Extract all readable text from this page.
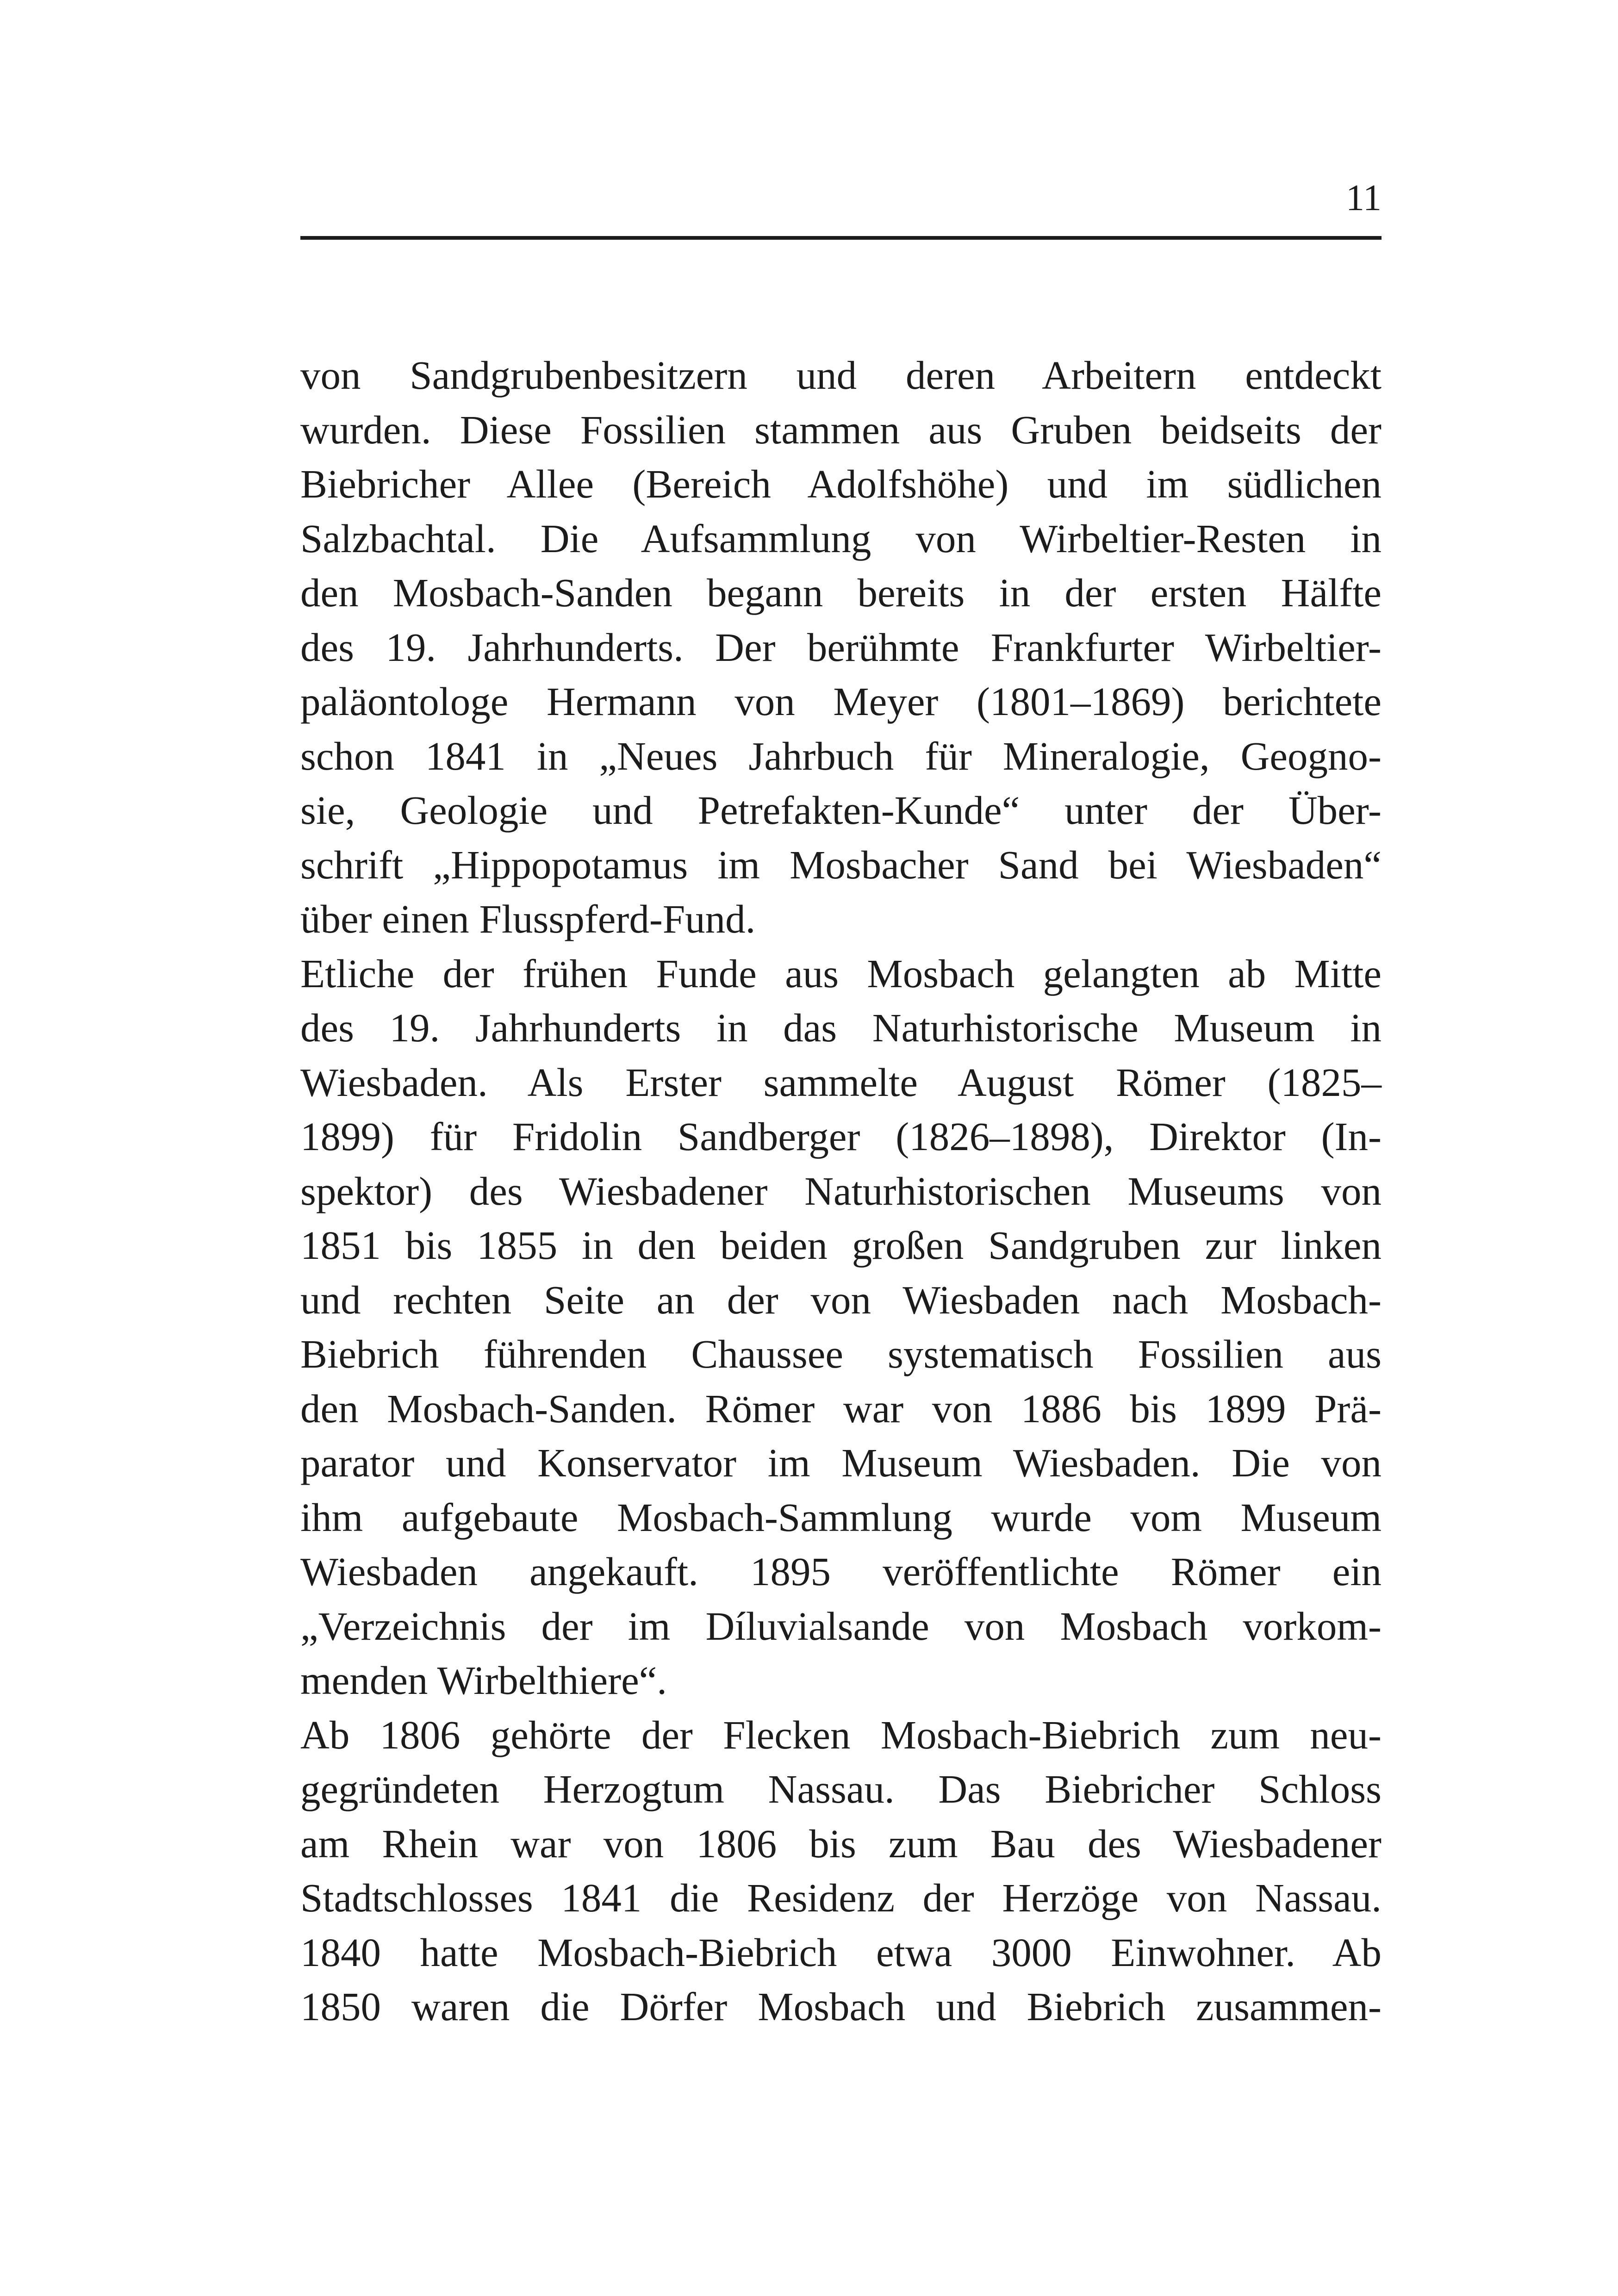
11
von Sandgrubenbesitzern und deren Arbeitern entdeckt
wurden. Diese Fossilien stammen aus Gruben beidseits der
Biebricher Allee (Bereich Adolfshöhe) und im südlichen
Salzbachtal. Die Aufsammlung von Wirbeltier-Resten in
den Mosbach-Sanden begann bereits in der ersten Hälfte
des 19. Jahrhunderts. Der berühmte Frankfurter Wirbeltier-
paläontologe Hermann von Meyer (1801–1869) berichtete
schon 1841 in „Neues Jahrbuch für Mineralogie, Geogno-
sie, Geologie und Petrefakten-Kunde“ unter der Über-
schrift „Hippopotamus im Mosbacher Sand bei Wiesbaden“
über einen Flusspferd-Fund.
Etliche der frühen Funde aus Mosbach gelangten ab Mitte
des 19. Jahrhunderts in das Naturhistorische Museum in
Wiesbaden. Als Erster sammelte August Römer (1825–
1899) für Fridolin Sandberger (1826–1898), Direktor (In-
spektor) des Wiesbadener Naturhistorischen Museums von
1851 bis 1855 in den beiden großen Sandgruben zur linken
und rechten Seite an der von Wiesbaden nach Mosbach-
Biebrich führenden Chaussee systematisch Fossilien aus
den Mosbach-Sanden. Römer war von 1886 bis 1899 Prä-
parator und Konservator im Museum Wiesbaden. Die von
ihm aufgebaute Mosbach-Sammlung wurde vom Museum
Wiesbaden angekauft. 1895 veröffentlichte Römer ein
„Verzeichnis der im Díluvialsande von Mosbach vorkom-
menden Wirbelthiere“.
Ab 1806 gehörte der Flecken Mosbach-Biebrich zum neu-
gegründeten Herzogtum Nassau. Das Biebricher Schloss
am Rhein war von 1806 bis zum Bau des Wiesbadener
Stadtschlosses 1841 die Residenz der Herzöge von Nassau.
1840 hatte Mosbach-Biebrich etwa 3000 Einwohner. Ab
1850 waren die Dörfer Mosbach und Biebrich zusammen-
